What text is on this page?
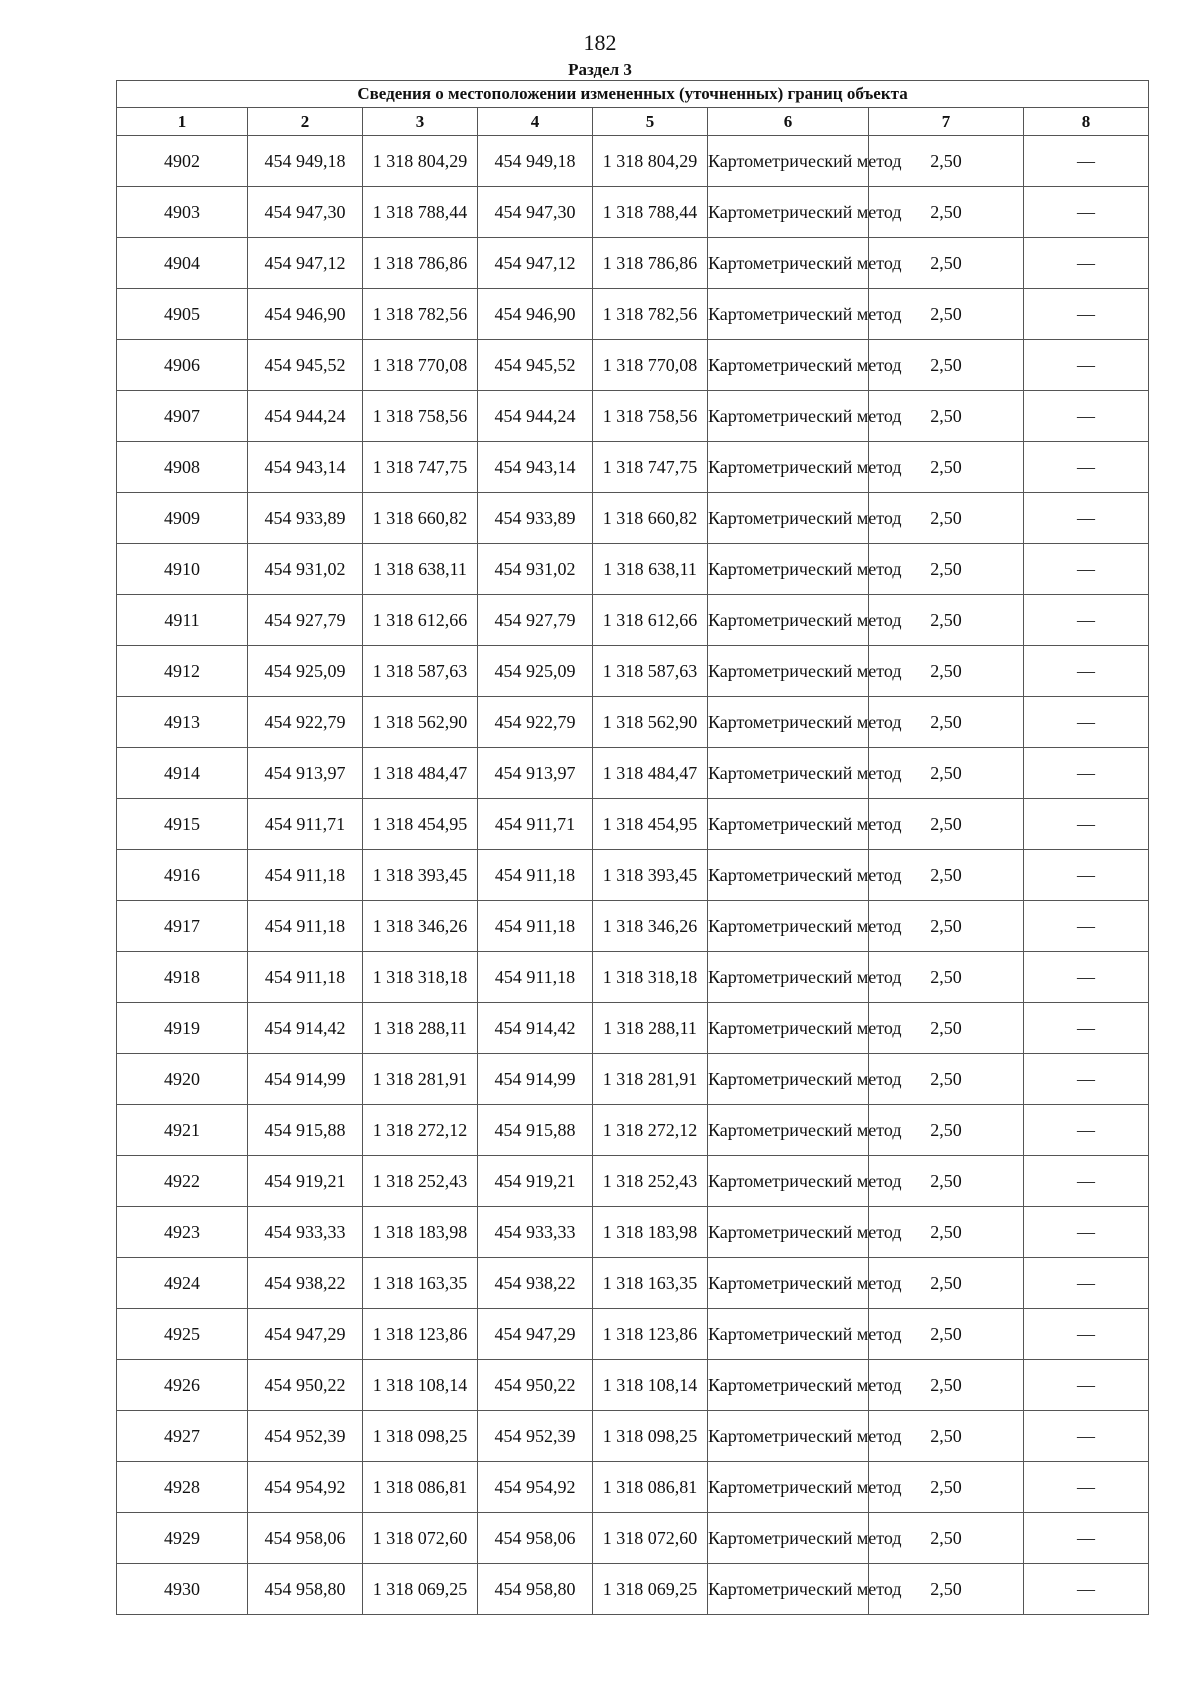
182
Раздел 3
Сведения о местоположении измененных (уточненных) границ объекта							
1	2	3	4	5	6	7	8
4902	454 949,18	1 318 804,29	454 949,18	1 318 804,29	Картометрический метод	2,50	—
4903	454 947,30	1 318 788,44	454 947,30	1 318 788,44	Картометрический метод	2,50	—
4904	454 947,12	1 318 786,86	454 947,12	1 318 786,86	Картометрический метод	2,50	—
4905	454 946,90	1 318 782,56	454 946,90	1 318 782,56	Картометрический метод	2,50	—
4906	454 945,52	1 318 770,08	454 945,52	1 318 770,08	Картометрический метод	2,50	—
4907	454 944,24	1 318 758,56	454 944,24	1 318 758,56	Картометрический метод	2,50	—
4908	454 943,14	1 318 747,75	454 943,14	1 318 747,75	Картометрический метод	2,50	—
4909	454 933,89	1 318 660,82	454 933,89	1 318 660,82	Картометрический метод	2,50	—
4910	454 931,02	1 318 638,11	454 931,02	1 318 638,11	Картометрический метод	2,50	—
4911	454 927,79	1 318 612,66	454 927,79	1 318 612,66	Картометрический метод	2,50	—
4912	454 925,09	1 318 587,63	454 925,09	1 318 587,63	Картометрический метод	2,50	—
4913	454 922,79	1 318 562,90	454 922,79	1 318 562,90	Картометрический метод	2,50	—
4914	454 913,97	1 318 484,47	454 913,97	1 318 484,47	Картометрический метод	2,50	—
4915	454 911,71	1 318 454,95	454 911,71	1 318 454,95	Картометрический метод	2,50	—
4916	454 911,18	1 318 393,45	454 911,18	1 318 393,45	Картометрический метод	2,50	—
4917	454 911,18	1 318 346,26	454 911,18	1 318 346,26	Картометрический метод	2,50	—
4918	454 911,18	1 318 318,18	454 911,18	1 318 318,18	Картометрический метод	2,50	—
4919	454 914,42	1 318 288,11	454 914,42	1 318 288,11	Картометрический метод	2,50	—
4920	454 914,99	1 318 281,91	454 914,99	1 318 281,91	Картометрический метод	2,50	—
4921	454 915,88	1 318 272,12	454 915,88	1 318 272,12	Картометрический метод	2,50	—
4922	454 919,21	1 318 252,43	454 919,21	1 318 252,43	Картометрический метод	2,50	—
4923	454 933,33	1 318 183,98	454 933,33	1 318 183,98	Картометрический метод	2,50	—
4924	454 938,22	1 318 163,35	454 938,22	1 318 163,35	Картометрический метод	2,50	—
4925	454 947,29	1 318 123,86	454 947,29	1 318 123,86	Картометрический метод	2,50	—
4926	454 950,22	1 318 108,14	454 950,22	1 318 108,14	Картометрический метод	2,50	—
4927	454 952,39	1 318 098,25	454 952,39	1 318 098,25	Картометрический метод	2,50	—
4928	454 954,92	1 318 086,81	454 954,92	1 318 086,81	Картометрический метод	2,50	—
4929	454 958,06	1 318 072,60	454 958,06	1 318 072,60	Картометрический метод	2,50	—
4930	454 958,80	1 318 069,25	454 958,80	1 318 069,25	Картометрический метод	2,50	—
